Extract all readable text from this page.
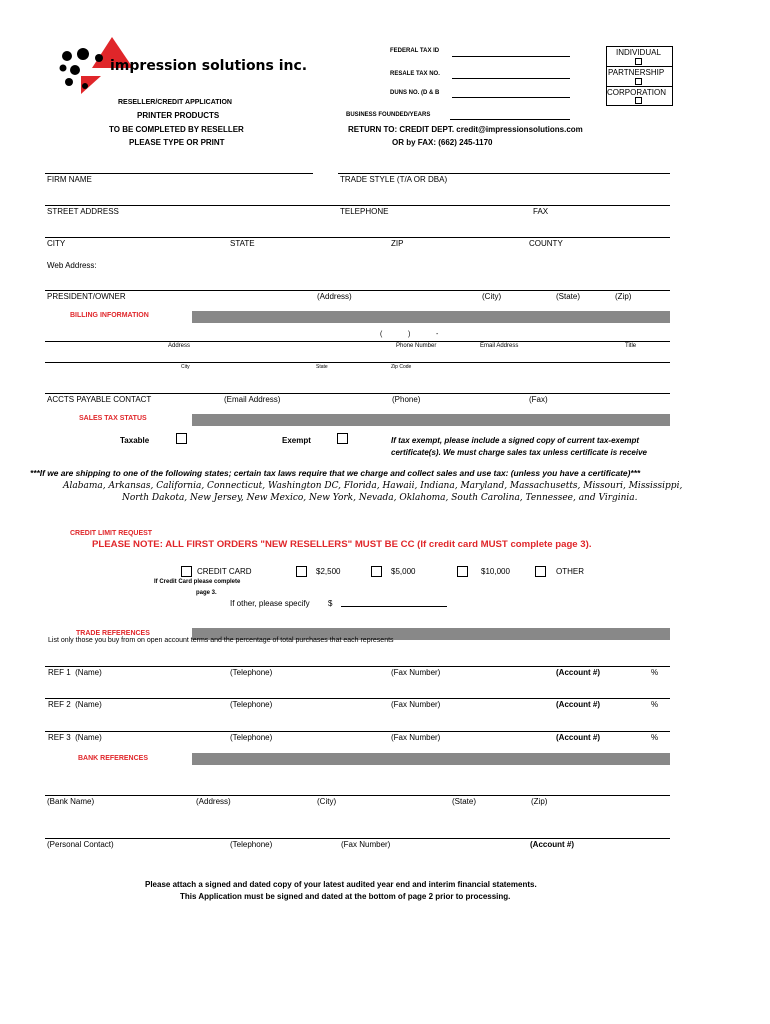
impression solutions inc.
FEDERAL TAX ID
RESALE TAX NO.
DUNS NO. (D & B
BUSINESS FOUNDED/YEARS
INDIVIDUAL
PARTNERSHIP
CORPORATION
RESELLER/CREDIT APPLICATION
PRINTER PRODUCTS
TO BE COMPLETED BY RESELLER
PLEASE TYPE OR PRINT
RETURN TO: CREDIT DEPT. credit@impressionsolutions.com
OR by FAX: (662) 245-1170
FIRM NAME	TRADE STYLE (T/A OR DBA)
STREET ADDRESS	TELEPHONE	FAX
CITY	STATE	ZIP	COUNTY
Web Address:
PRESIDENT/OWNER	(Address)	(City)	(State)	(Zip)
BILLING INFORMATION
(	)	-
Address	Phone Number	Email Address	Title
City	State	Zip Code
ACCTS PAYABLE CONTACT	(Email Address)	(Phone)	(Fax)
SALES TAX STATUS
Taxable	Exempt	If tax exempt, please include a signed copy of current tax-exempt
certificate(s). We must charge sales tax unless certificate is receive
***If we are shipping to one of the following states; certain tax laws require that we charge and collect sales and use tax: (unless you have a certificate)***
Alabama, Arkansas, California, Connecticut, Washington DC, Florida, Hawaii, Indiana, Maryland, Massachusetts, Missouri, Mississippi,
North Dakota, New Jersey, New Mexico, New York, Nevada, Oklahoma, South Carolina, Tennessee, and Virginia.
CREDIT LIMIT REQUEST
PLEASE NOTE: ALL FIRST ORDERS "NEW RESELLERS" MUST BE CC (If credit card MUST complete page 3).
CREDIT CARD	$2,500	$5,000	$10,000	OTHER
If Credit Card please complete
page 3.
If other, please specify $
TRADE REFERENCES
List only those you buy from on open account terms and the percentage of total purchases that each represents
REF 1 (Name)	(Telephone)	(Fax Number)	(Account #)	%
REF 2 (Name)	(Telephone)	(Fax Number)	(Account #)	%
REF 3 (Name)	(Telephone)	(Fax Number)	(Account #)	%
BANK REFERENCES
(Bank Name)	(Address)	(City)	(State)	(Zip)
(Personal Contact)	(Telephone)	(Fax Number)	(Account #)
Please attach a signed and dated copy of your latest audited year end and interim financial statements.
This Application must be signed and dated at the bottom of page 2 prior to processing.
